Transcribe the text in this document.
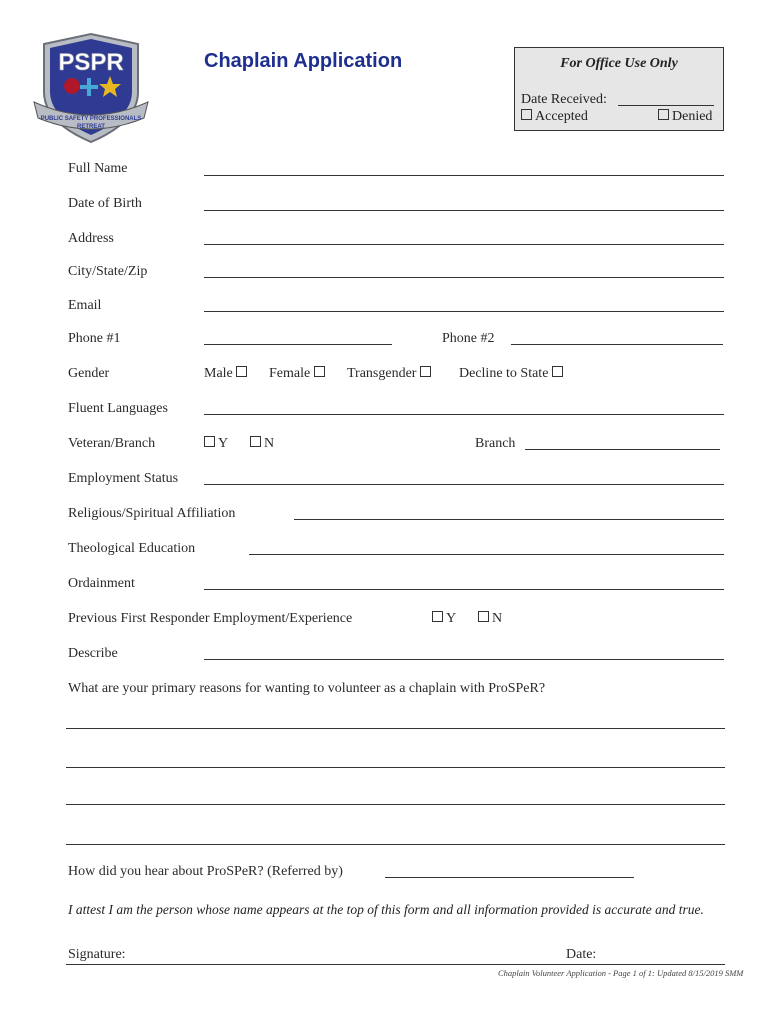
PSPR
PUBLIC SAFETY PROFESSIONALS
RETREAT
Chaplain Application	For Office Use Only
Date Received:
Accepted	Denied
Full Name
Date of Birth
Address
City/State/Zip
Email
Phone #1	Phone #2
Gender	Male	Female	Transgender	Decline to State
Fluent Languages
Veteran/Branch	Y	N	Branch
Employment Status
Religious/Spiritual Affiliation
Theological Education
Ordainment
Previous First Responder Employment/Experience	Y	N
Describe
What are your primary reasons for wanting to volunteer as a chaplain with ProSPeR?
How did you hear about ProSPeR? (Referred by)
I attest I am the person whose name appears at the top of this form and all information provided is accurate and true.
Signature:	Date:
Chaplain Volunteer Application - Page 1 of 1: Updated 8/15/2019 SMM
